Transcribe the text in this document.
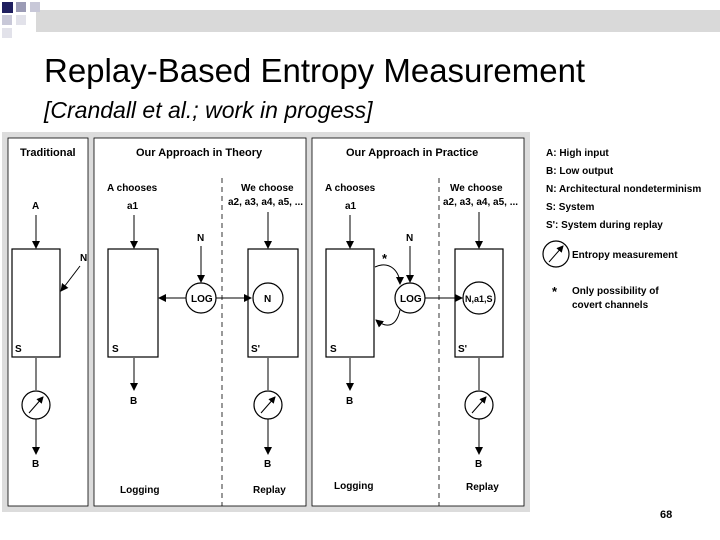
Replay-Based Entropy Measurement
[Crandall et al.; work in progess]
Traditional
A
S
N
B
Our Approach in Theory
A chooses
a1
We choose
a2, a3, a4, a5, ...
S	S'
N
LOG	N
B
B
Logging	Replay
Our Approach in Practice
A chooses
a1
We choose
a2, a3, a4, a5, ...
S	S'
N
*
LOG	N,a1,S
B
B
Logging	Replay
A: High input
B: Low output
N: Architectural nondeterminism
S: System
S': System during replay
Entropy measurement
* Only possibility of
covert channels
68
